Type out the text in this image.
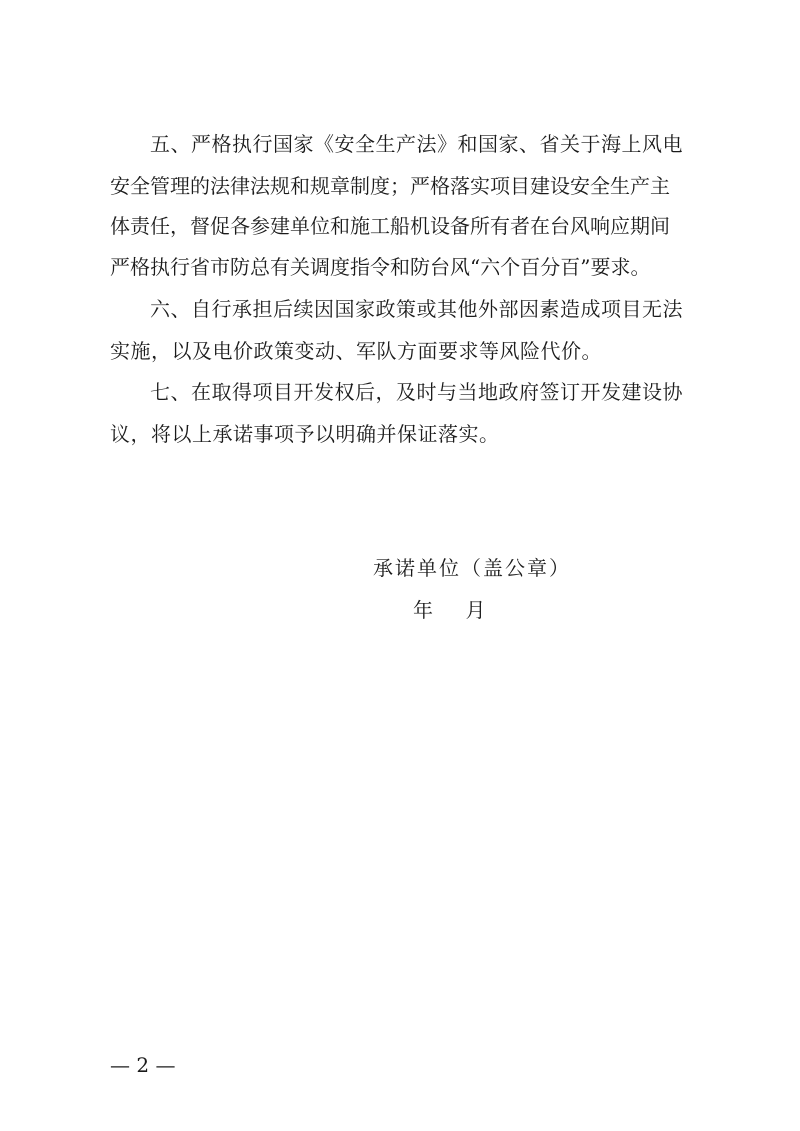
五、严格执行国家《安全生产法》和国家、省关于海上风电
安全管理的法律法规和规章制度；严格落实项目建设安全生产主
体责任，督促各参建单位和施工船机设备所有者在台风响应期间
严格执行省市防总有关调度指令和防台风“六个百分百”要求。
六、自行承担后续因国家政策或其他外部因素造成项目无法
实施，以及电价政策变动、军队方面要求等风险代价。
七、在取得项目开发权后，及时与当地政府签订开发建设协
议，将以上承诺事项予以明确并保证落实。
承诺单位（盖公章）
年 月
— 2 —
